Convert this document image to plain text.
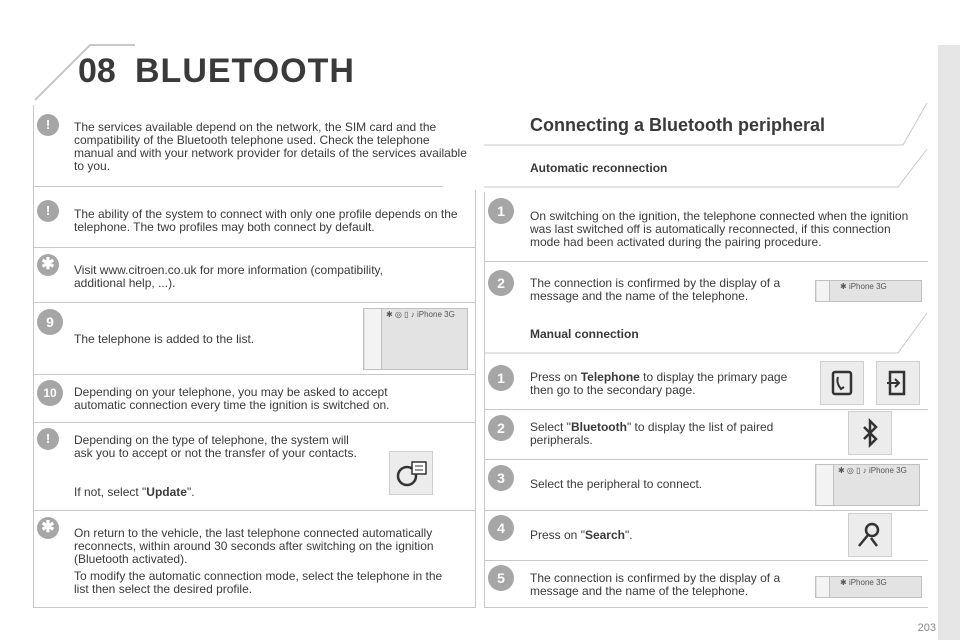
08 BLUETOOTH
!	The services available depend on the network, the SIM card and the compatibility of the Bluetooth telephone used. Check the telephone manual and with your network provider for details of the services available to you.
!	The ability of the system to connect with only one profile depends on the telephone. The two profiles may both connect by default.
✱	Visit www.citroen.co.uk for more information (compatibility, additional help, ...).
9
The telephone is added to the list.
✱ ◎ ▯ ♪ iPhone 3G
10	Depending on your telephone, you may be asked to accept automatic connection every time the ignition is switched on.
!	Depending on the type of telephone, the system will ask you to accept or not the transfer of your contacts.
If not, select "Update".
✱	On return to the vehicle, the last telephone connected automatically reconnects, within around 30 seconds after switching on the ignition (Bluetooth activated).
To modify the automatic connection mode, select the telephone in the list then select the desired profile.
Connecting a Bluetooth peripheral
Automatic reconnection
1	On switching on the ignition, the telephone connected when the ignition was last switched off is automatically reconnected, if this connection mode had been activated during the pairing procedure.
2	The connection is confirmed by the display of a message and the name of the telephone.
✱ iPhone 3G
Manual connection
1	Press on Telephone to display the primary page then go to the secondary page.
2	Select "Bluetooth" to display the list of paired peripherals.
3	Select the peripheral to connect.
✱ ◎ ▯ ♪ iPhone 3G
4	Press on "Search".
5	The connection is confirmed by the display of a message and the name of the telephone.
✱ iPhone 3G
203
